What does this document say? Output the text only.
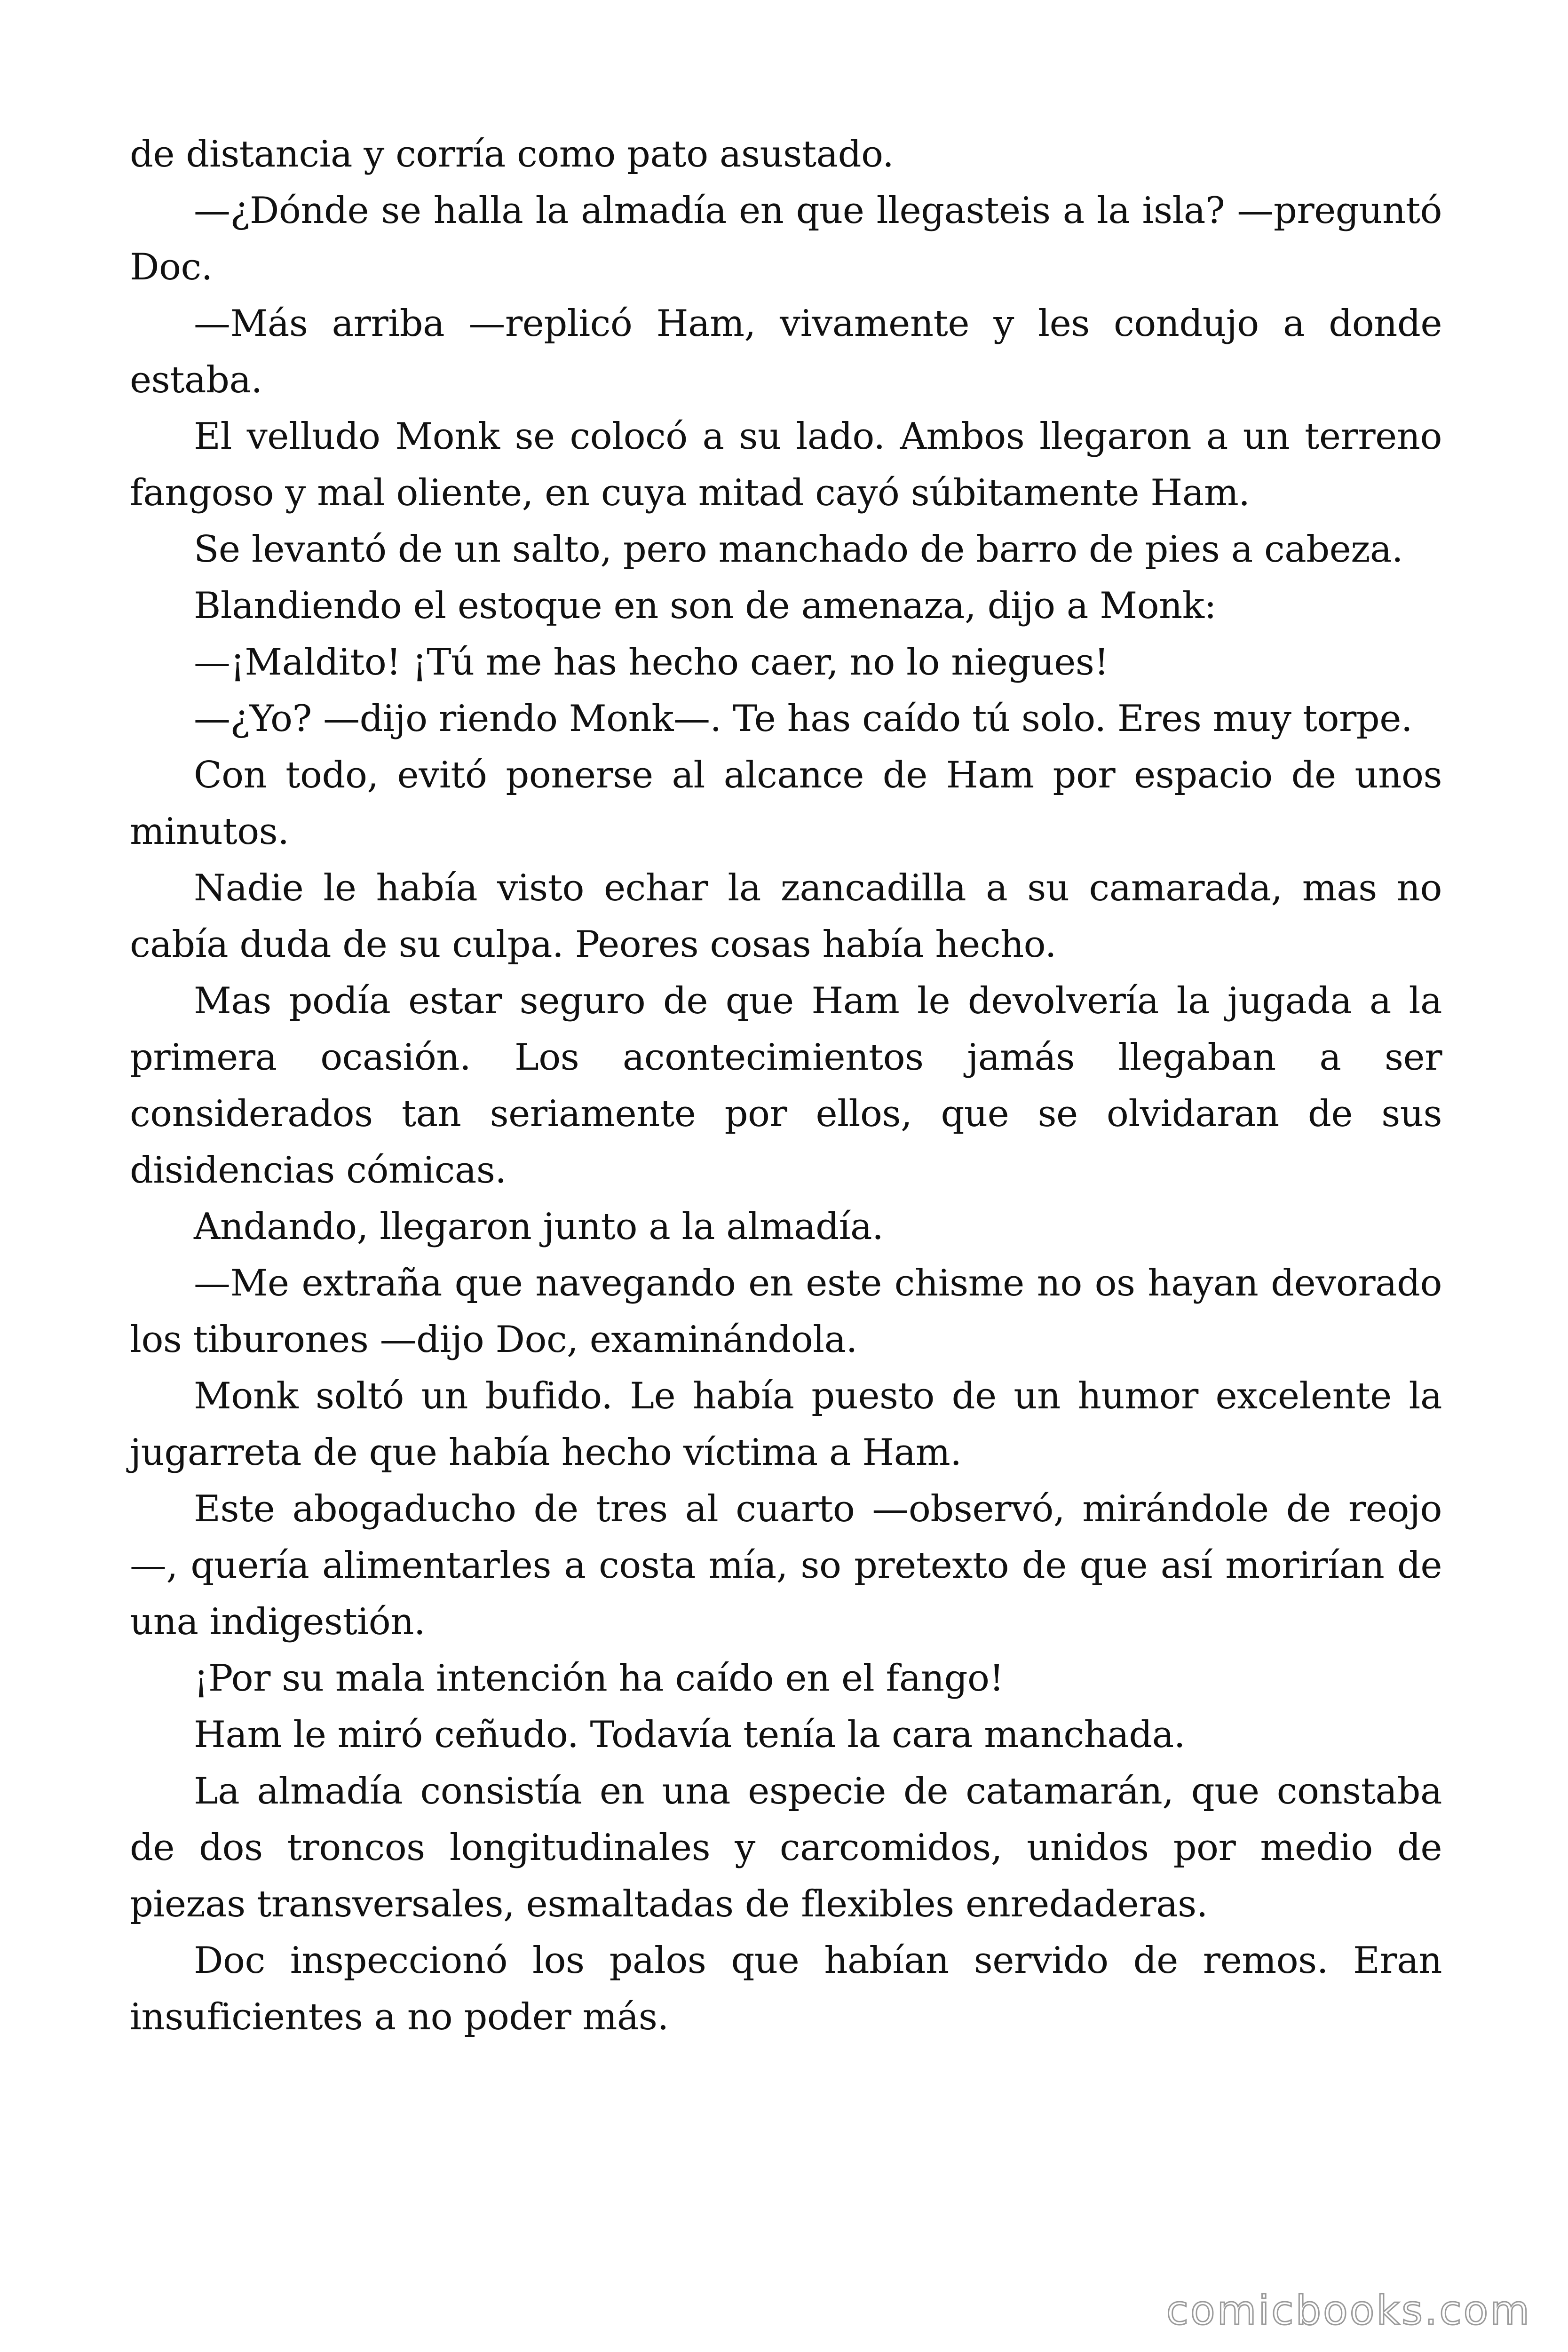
de distancia y corría como pato asustado.

—¿Dónde se halla la almadía en que llegasteis a la isla? —preguntó Doc.

—Más arriba —replicó Ham, vivamente y les condujo a donde estaba.

El velludo Monk se colocó a su lado. Ambos llegaron a un terreno fangoso y mal oliente, en cuya mitad cayó súbitamente Ham.

Se levantó de un salto, pero manchado de barro de pies a cabeza.

Blandiendo el estoque en son de amenaza, dijo a Monk:

—¡Maldito! ¡Tú me has hecho caer, no lo niegues!

—¿Yo? —dijo riendo Monk—. Te has caído tú solo. Eres muy torpe.

Con todo, evitó ponerse al alcance de Ham por espacio de unos minutos.

Nadie le había visto echar la zancadilla a su camarada, mas no cabía duda de su culpa. Peores cosas había hecho.

Mas podía estar seguro de que Ham le devolvería la jugada a la primera ocasión. Los acontecimientos jamás llegaban a ser considerados tan seriamente por ellos, que se olvidaran de sus disidencias cómicas.

Andando, llegaron junto a la almadía.

—Me extraña que navegando en este chisme no os hayan devorado los tiburones —dijo Doc, examinándola.

Monk soltó un bufido. Le había puesto de un humor excelente la jugarreta de que había hecho víctima a Ham.

Este abogaducho de tres al cuarto —observó, mirándole de reojo —, quería alimentarles a costa mía, so pretexto de que así morirían de una indigestión.

¡Por su mala intención ha caído en el fango!

Ham le miró ceñudo. Todavía tenía la cara manchada.

La almadía consistía en una especie de catamarán, que constaba de dos troncos longitudinales y carcomidos, unidos por medio de piezas transversales, esmaltadas de flexibles enredaderas.

Doc inspeccionó los palos que habían servido de remos. Eran insuficientes a no poder más.

comicbooks.com
